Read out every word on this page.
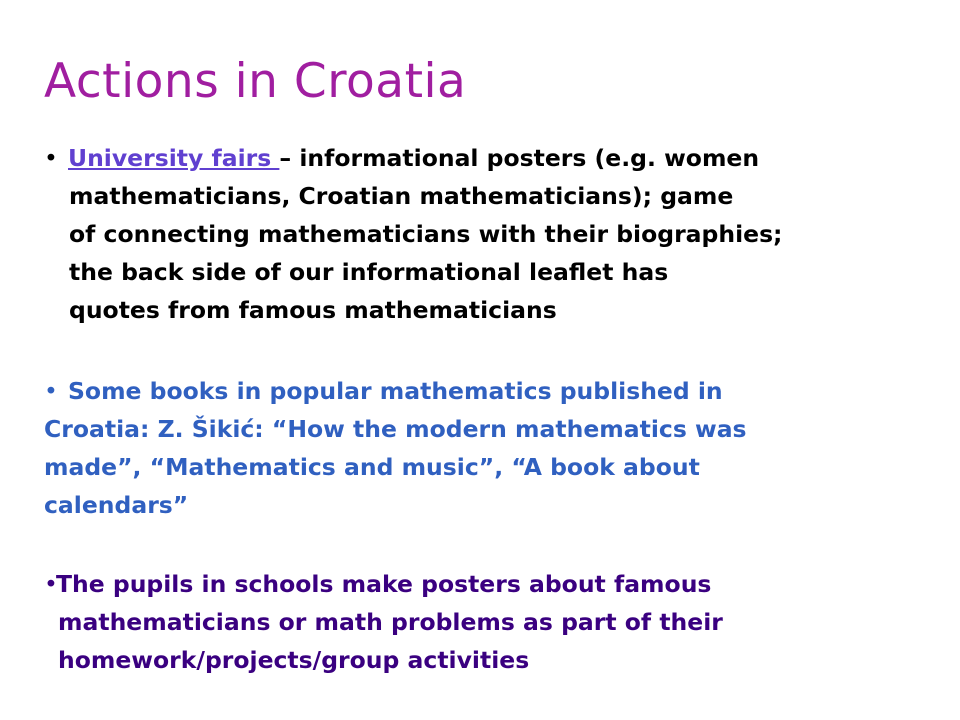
Actions in Croatia
• University fairs – informational posters (e.g. women
mathematicians, Croatian mathematicians); game
of connecting mathematicians with their biographies;
the back side of our informational leaflet has
quotes from famous mathematicians
• Some books in popular mathematics published in
Croatia: Z. Šikić: “How the modern mathematics was
made”, “Mathematics and music”, “A book about
calendars”
•The pupils in schools make posters about famous
mathematicians or math problems as part of their
homework/projects/group activities
